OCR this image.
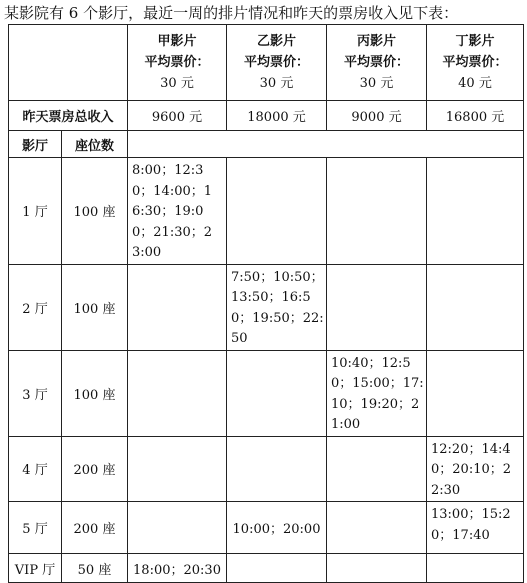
某影院有 6 个影厅，最近一周的排片情况和昨天的票房收入见下表：

		甲影片
平均票价：
30 元	乙影片
平均票价：
30 元	丙影片
平均票价：
30 元	丁影片
平均票价：
40 元

昨天票房总收入		9600 元	18000 元	9000 元	16800 元
影厅	座位数				
1 厅	100 座	8:00；12:30；14:00；16:30；19:00；21:30；23:00			
2 厅	100 座		7:50；10:50；13:50；16:50；19:50；22:50		
3 厅	100 座			10:40；12:50；15:00；17:10；19:20；21:00	
4 厅	200 座				12:20；14:40；20:10；22:30
5 厅	200 座		10:00；20:00		13:00；15:20；17:40
VIP 厅	50 座	18:00；20:30			
